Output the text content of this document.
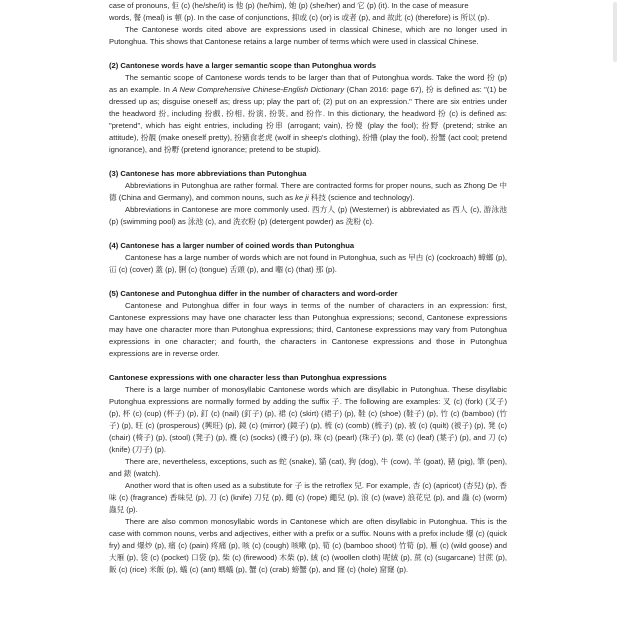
case of pronouns, 佢 (c) (he/she/it) is 他 (p) (he/him), 她 (p) (she/her) and 它 (p) (it). In the case of measure

words, 餐 (meal) is 頓 (p). In the case of conjunctions, 抑或 (c) (or) is 或者 (p), and 故此 (c) (therefore) is 所以 (p).

The Cantonese words cited above are expressions used in classical Chinese, which are no longer used in Putonghua. This shows that Cantonese retains a large number of terms which were used in classical Chinese.

(2) Cantonese words have a larger semantic scope than Putonghua words

The semantic scope of Cantonese words tends to be larger than that of Putonghua words. Take the word 扮 (p) as an example. In A New Comprehensive Chinese-English Dictionary (Chan 2016: page 67), 扮 is defined as: "(1) be dressed up as; disguise oneself as; dress up; play the part of; (2) put on an expression." There are six entries under the headword 扮, including 扮戲, 扮相, 扮演, 扮裝, and 扮作. In this dictionary, the headword 扮 (c) is defined as: "pretend", which has eight entries, including 扮串 (arrogant; vain), 扮傻 (play the fool); 扮野 (pretend; strike an attitude), 扮靚 (make oneself pretty), 扮豬食老虎 (wolf in sheep's clothing), 扮懵 (play the fool), 扮蟹 (act cool; pretend ignorance), and 扮嘢 (pretend ignorance; pretend to be stupid).

(3) Cantonese has more abbreviations than Putonghua

Abbreviations in Putonghua are rather formal. There are contracted forms for proper nouns, such as Zhong De 中德 (China and Germany), and common nouns, such as ke ji 科技 (science and technology).

Abbreviations in Cantonese are more commonly used. 西方人 (p) (Westerner) is abbreviated as 西人 (c), 游泳池 (p) (swimming pool) as 泳池 (c), and 洗衣粉 (p) (detergent powder) as 洗粉 (c).

(4) Cantonese has a larger number of coined words than Putonghua

Cantonese has a large number of words which are not found in Putonghua, such as 曱甴 (c) (cockroach) 蟑螂 (p), 冚 (c) (cover) 蓋 (p), 脷 (c) (tongue) 舌頭 (p), and 嗰 (c) (that) 那 (p).

(5) Cantonese and Putonghua differ in the number of characters and word-order

Cantonese and Putonghua differ in four ways in terms of the number of characters in an expression: first, Cantonese expressions may have one character less than Putonghua expressions; second, Cantonese expressions may have one character more than Putonghua expressions; third, Cantonese expressions may vary from Putonghua expressions in one character; and fourth, the characters in Cantonese expressions and those in Putonghua expressions are in reverse order.

Cantonese expressions with one character less than Putonghua expressions

There is a large number of monosyllabic Cantonese words which are disyllabic in Putonghua. These disyllabic Putonghua expressions are normally formed by adding the suffix 子. The following are examples: 叉 (c) (fork) (叉子) (p), 杯 (c) (cup) (杯子) (p), 釘 (c) (nail) (釘子) (p), 裙 (c) (skirt) (裙子) (p), 鞋 (c) (shoe) (鞋子) (p), 竹 (c) (bamboo) (竹子) (p), 旺 (c) (prosperous) (興旺) (p), 鏡 (c) (mirror) (鏡子) (p), 梳 (c) (comb) (梳子) (p), 被 (c) (quilt) (被子) (p), 凳 (c) (chair) (椅子) (p), (stool) (凳子) (p), 襪 (c) (socks) (襪子) (p), 珠 (c) (pearl) (珠子) (p), 葉 (c) (leaf) (葉子) (p), and 刀 (c) (knife) (刀子) (p).

There are, nevertheless, exceptions, such as 蛇 (snake), 貓 (cat), 狗 (dog), 牛 (cow), 羊 (goat), 豬 (pig), 筆 (pen), and 錶 (watch).

Another word that is often used as a substitute for 子 is the retroflex 兒. For example, 杏 (c) (apricot) (杏兒) (p), 香味 (c) (fragrance) 香味兒 (p), 刀 (c) (knife) 刀兒 (p), 繩 (c) (rope) 繩兒 (p), 浪 (c) (wave) 浪花兒 (p), and 蟲 (c) (worm) 蟲兒 (p).

There are also common monosyllabic words in Cantonese which are often disyllabic in Putonghua. This is the case with common nouns, verbs and adjectives, either with a prefix or a suffix. Nouns with a prefix include 爆 (c) (quick fry) and 爆炒 (p), 痛 (c) (pain) 疼痛 (p), 咳 (c) (cough) 咳嗽 (p), 筍 (c) (bamboo shoot) 竹筍 (p), 雁 (c) (wild goose) and 大雁 (p), 袋 (c) (pocket) 口袋 (p), 柴 (c) (firewood) 木柴 (p), 絨 (c) (woollen cloth) 呢絨 (p), 蔗 (c) (sugarcane) 甘蔗 (p), 飯 (c) (rice) 米飯 (p), 蟻 (c) (ant) 螞蟻 (p), 蟹 (c) (crab) 螃蟹 (p), and 窿 (c) (hole) 窟窿 (p).
